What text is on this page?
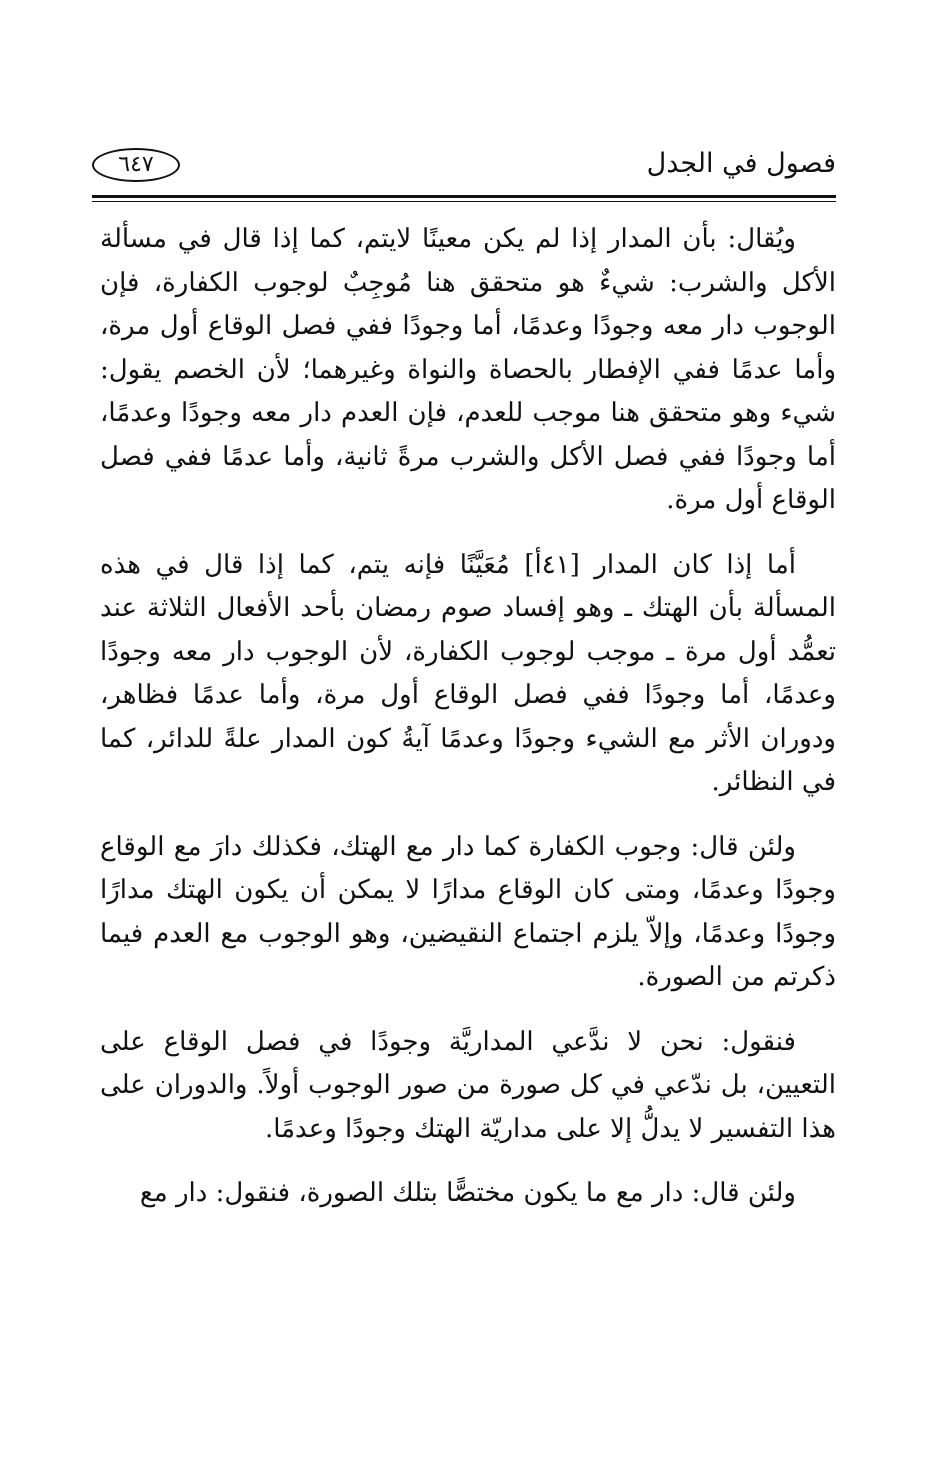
فصول في الجدل
٦٤٧

ويُقال: بأن المدار إذا لم يكن معينًا لايتم، كما إذا قال في مسألة الأكل والشرب: شيءٌ هو متحقق هنا مُوجِبٌ لوجوب الكفارة، فإن الوجوب دار معه وجودًا وعدمًا، أما وجودًا ففي فصل الوقاع أول مرة، وأما عدمًا ففي الإفطار بالحصاة والنواة وغيرهما؛ لأن الخصم يقول: شيء وهو متحقق هنا موجب للعدم، فإن العدم دار معه وجودًا وعدمًا، أما وجودًا ففي فصل الأكل والشرب مرةً ثانية، وأما عدمًا ففي فصل الوقاع أول مرة.

أما إذا كان المدار [٤١أ] مُعَيَّنًا فإنه يتم، كما إذا قال في هذه المسألة بأن الهتك ـ وهو إفساد صوم رمضان بأحد الأفعال الثلاثة عند تعمُّد أول مرة ـ موجب لوجوب الكفارة، لأن الوجوب دار معه وجودًا وعدمًا، أما وجودًا ففي فصل الوقاع أول مرة، وأما عدمًا فظاهر، ودوران الأثر مع الشيء وجودًا وعدمًا آيةُ كون المدار علةً للدائر، كما في النظائر.

ولئن قال: وجوب الكفارة كما دار مع الهتك، فكذلك دارَ مع الوقاع وجودًا وعدمًا، ومتى كان الوقاع مدارًا لا يمكن أن يكون الهتك مدارًا وجودًا وعدمًا، وإلاّ يلزم اجتماع النقيضين، وهو الوجوب مع العدم فيما ذكرتم من الصورة.

فنقول: نحن لا ندَّعي المداريَّة وجودًا في فصل الوقاع على التعيين، بل ندّعي في كل صورة من صور الوجوب أولاً. والدوران على هذا التفسير لا يدلُّ إلا على مداريّة الهتك وجودًا وعدمًا.

ولئن قال: دار مع ما يكون مختصًّا بتلك الصورة، فنقول: دار مع
